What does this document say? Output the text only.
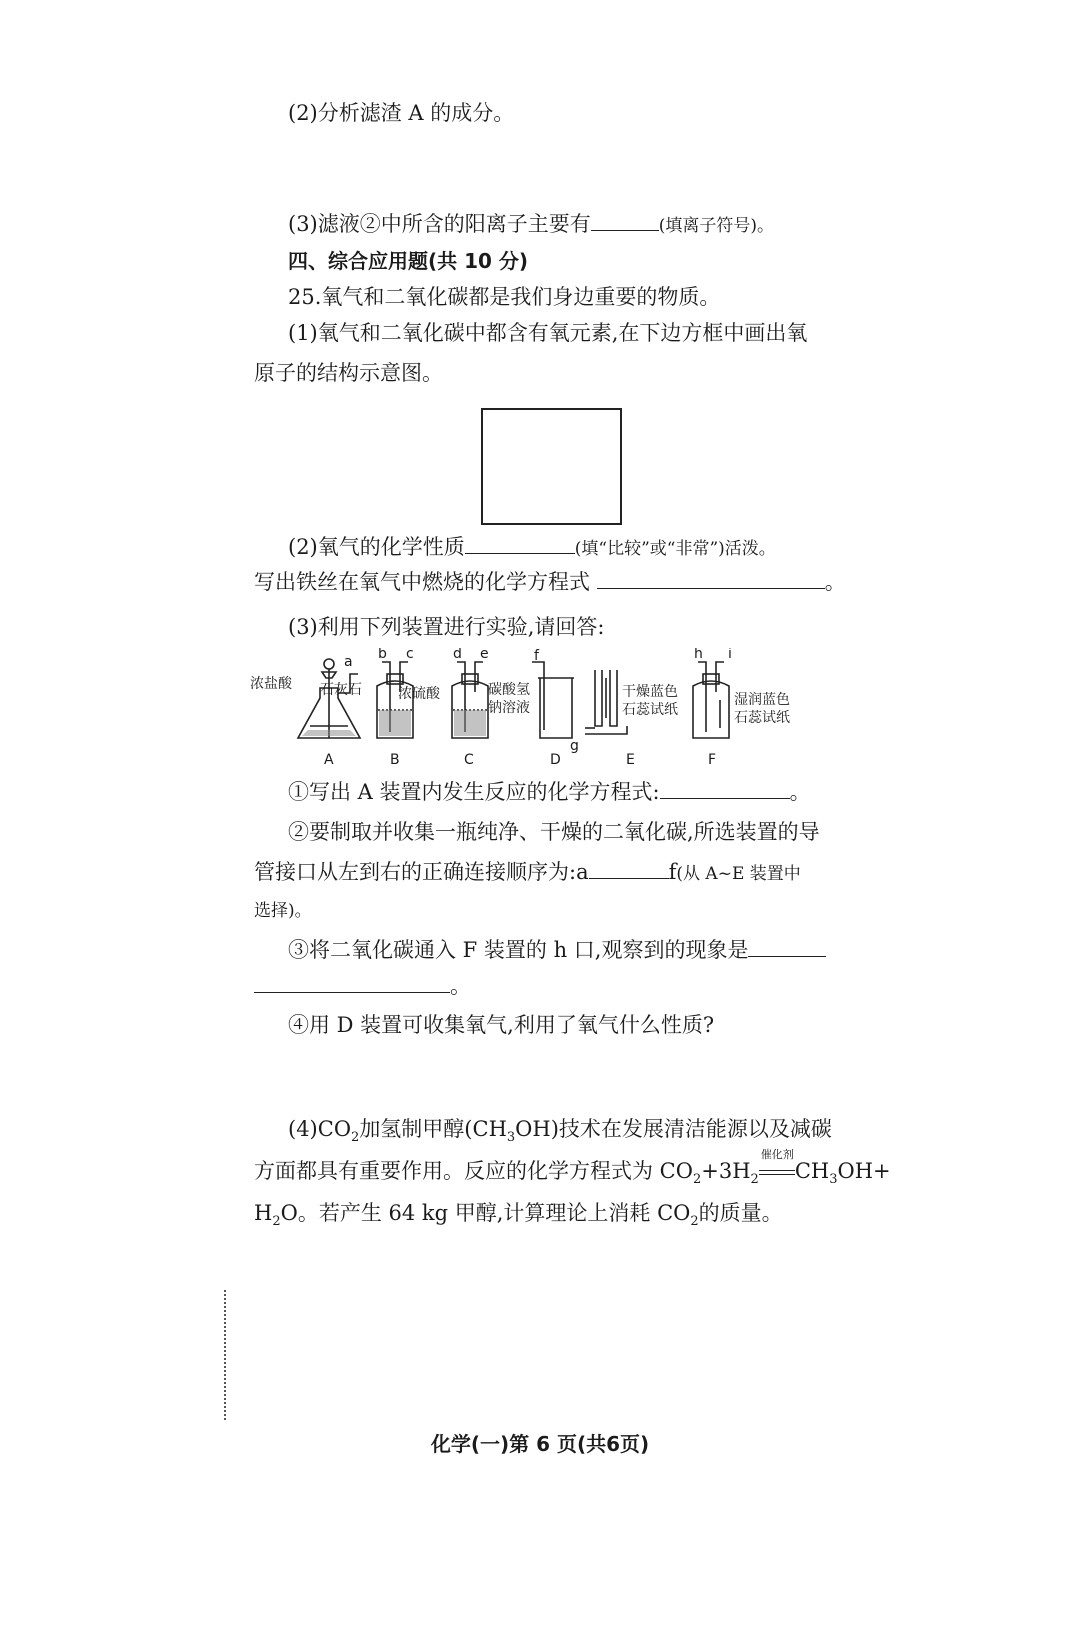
(2)分析滤渣 A 的成分。
(3)滤液②中所含的阳离子主要有	(填离子符号)。
四、综合应用题(共 10 分)
25.氧气和二氧化碳都是我们身边重要的物质。
(1)氧气和二氧化碳中都含有氧元素,在下边方框中画出氧
原子的结构示意图。
(2)氧气的化学性质	(填“比较”或“非常”)活泼。
写出铁丝在氧气中燃烧的化学方程式	。
(3)利用下列装置进行实验,请回答:
a b c	d e	f
g
h i
浓盐酸 石灰石	浓硫酸	碳酸氢
钠溶液
干燥蓝色
石蕊试纸
湿润蓝色
石蕊试纸
A	B	C	D	E	F
①写出 A 装置内发生反应的化学方程式:	。
②要制取并收集一瓶纯净、干燥的二氧化碳,所选装置的导
管接口从左到右的正确连接顺序为:a	f(从 A~E 装置中
选择)。
③将二氧化碳通入 F 装置的 h 口,观察到的现象是
。
④用 D 装置可收集氧气,利用了氧气什么性质?
$(4)CO_2$加氢制甲醇$(CH_3OH)$技术在发展清洁能源以及减碳
方面都具有重要作用。反应的化学方程式为 $CO_2+3H_2$
催化剂
$CH_3OH+$
$H_2O$。若产生 64 kg 甲醇,计算理论上消耗 $CO_2$的质量。
化学(一)第 6 页(共6页)
